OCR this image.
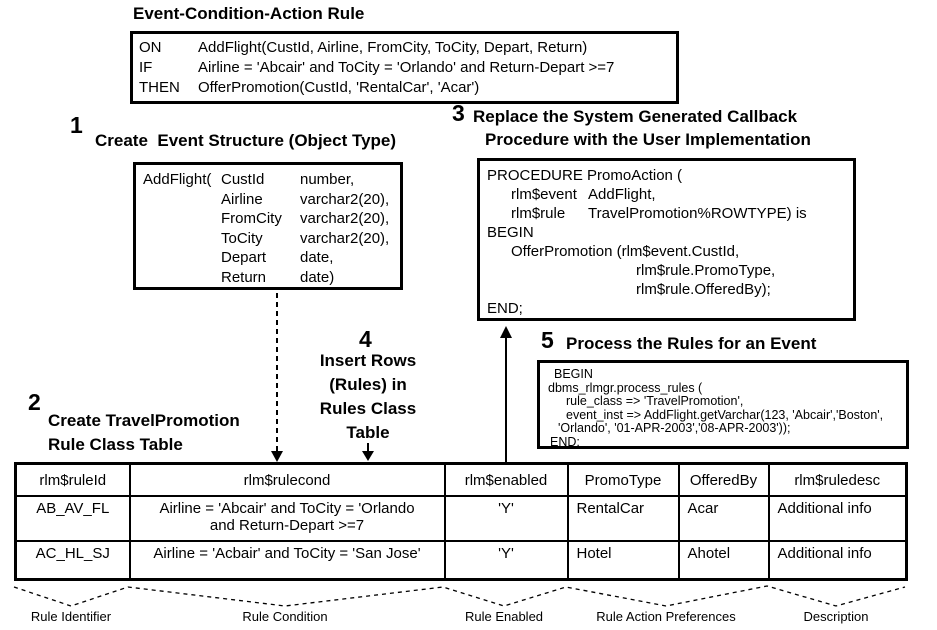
Event-Condition-Action Rule
ON AddFlight(CustId, Airline, FromCity, ToCity, Depart, Return)
IF	Airline = 'Abcair' and ToCity = 'Orlando' and Return-Depart >=7
THEN OfferPromotion(CustId, 'RentalCar', 'Acar')
1
Create  Event Structure (Object Type)
AddFlight( CustId number,
Airline varchar2(20),
FromCity varchar2(20),
ToCity varchar2(20),
Depart date,
Return date)
3 Replace the System Generated Callback
Procedure with the User Implementation
PROCEDURE PromoAction (
rlm$event AddFlight,
rlm$rule TravelPromotion%ROWTYPE) is
BEGIN
OfferPromotion (rlm$event.CustId,
rlm$rule.PromoType,
rlm$rule.OfferedBy);
END;
4
Insert Rows
(Rules) in
Rules Class
Table
5 Process the Rules for an Event
BEGIN
dbms_rlmgr.process_rules (
rule_class => 'TravelPromotion',
event_inst => AddFlight.getVarchar(123, 'Abcair','Boston',
'Orlando', '01-APR-2003','08-APR-2003'));
END;
2
Create TravelPromotion
Rule Class Table
rlm$ruleId	rlm$rulecond	rlm$enabled	PromoType	OfferedBy	rlm$ruledesc
AB_AV_FL	Airline = 'Abcair' and ToCity = 'Orlando
and Return-Depart >=7	'Y'	RentalCar	Acar	Additional info
AC_HL_SJ	Airline = 'Acbair' and ToCity = 'San Jose'	'Y'	Hotel	Ahotel	Additional info
Rule Identifier	Rule Condition	Rule Enabled	Rule Action Preferences	Description
